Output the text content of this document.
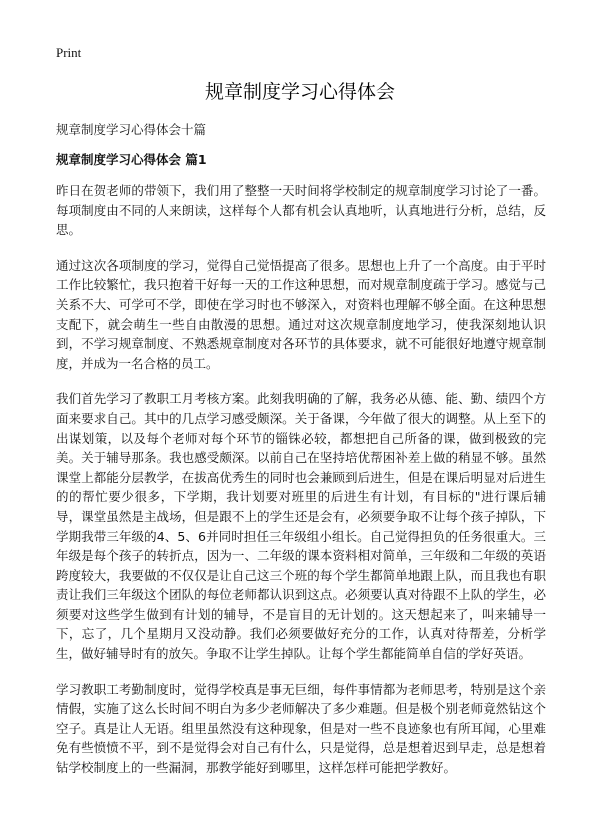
Print
规章制度学习心得体会

规章制度学习心得体会十篇

规章制度学习心得体会 篇1

昨日在贺老师的带领下，我们用了整整一天时间将学校制定的规章制度学习讨论了一番。每项制度由不同的人来朗读，这样每个人都有机会认真地听，认真地进行分析，总结，反思。

通过这次各项制度的学习，觉得自己觉悟提高了很多。思想也上升了一个高度。由于平时工作比较繁忙，我只抱着干好每一天的工作这种思想，而对规章制度疏于学习。感觉与己关系不大、可学可不学，即使在学习时也不够深入，对资料也理解不够全面。在这种思想支配下，就会萌生一些自由散漫的思想。通过对这次规章制度地学习，使我深刻地认识到，不学习规章制度、不熟悉规章制度对各环节的具体要求，就不可能很好地遵守规章制度，并成为一名合格的员工。

我们首先学习了教职工月考核方案。此刻我明确的了解，我务必从德、能、勤、绩四个方面来要求自己。其中的几点学习感受颇深。关于备课，今年做了很大的调整。从上至下的出谋划策，以及每个老师对每个环节的锱铢必较，都想把自己所备的课，做到极致的完美。关于辅导那条。我也感受颇深。以前自己在坚持培优帮困补差上做的稍显不够。虽然课堂上都能分层教学，在拔高优秀生的同时也会兼顾到后进生，但是在课后明显对后进生的的帮忙要少很多，下学期，我计划要对班里的后进生有计划，有目标的"进行课后辅导，课堂虽然是主战场，但是跟不上的学生还是会有，必须要争取不让每个孩子掉队，下学期我带三年级的4、5、6并同时担任三年级组小组长。自己觉得担负的任务很重大。三年级是每个孩子的转折点，因为一、二年级的课本资料相对简单，三年级和二年级的英语跨度较大，我要做的不仅仅是让自己这三个班的每个学生都简单地跟上队，而且我也有职责让我们三年级这个团队的每位老师都认识到这点。必须要认真对待跟不上队的学生，必须要对这些学生做到有计划的辅导，不是盲目的无计划的。这天想起来了，叫来辅导一下，忘了，几个星期月又没动静。我们必须要做好充分的工作，认真对待帮差，分析学生，做好辅导时有的放矢。争取不让学生掉队。让每个学生都能简单自信的学好英语。

学习教职工考勤制度时，觉得学校真是事无巨细，每件事情都为老师思考，特别是这个亲情假，实施了这么长时间不明白为多少老师解决了多少难题。但是极个别老师竟然钻这个空子。真是让人无语。组里虽然没有这种现象，但是对一些不良迹象也有所耳闻，心里难免有些愤愤不平，到不是觉得会对自己有什么，只是觉得，总是想着迟到早走，总是想着钻学校制度上的一些漏洞，那教学能好到哪里，这样怎样可能把学教好。
